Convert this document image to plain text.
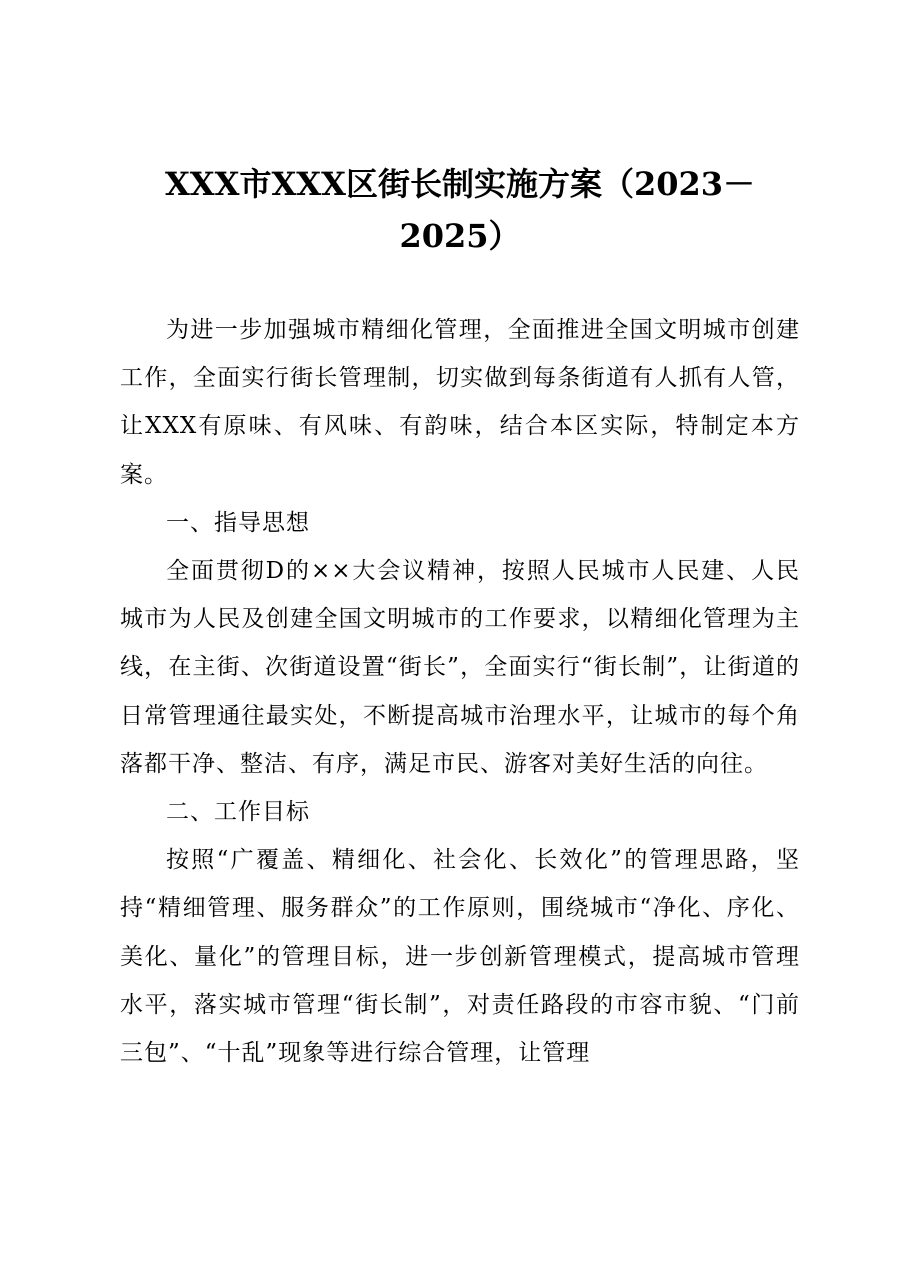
XXX市XXX区街长制实施方案（2023－2025）

为进一步加强城市精细化管理，全面推进全国文明城市创建工作，全面实行街长管理制，切实做到每条街道有人抓有人管，让XXX有原味、有风味、有韵味，结合本区实际，特制定本方案。

一、指导思想

全面贯彻D的××大会议精神，按照人民城市人民建、人民城市为人民及创建全国文明城市的工作要求，以精细化管理为主线，在主街、次街道设置“街长”，全面实行“街长制”，让街道的日常管理通往最实处，不断提高城市治理水平，让城市的每个角落都干净、整洁、有序，满足市民、游客对美好生活的向往。

二、工作目标

按照“广覆盖、精细化、社会化、长效化”的管理思路，坚持“精细管理、服务群众”的工作原则，围绕城市“净化、序化、美化、量化”的管理目标，进一步创新管理模式，提高城市管理水平，落实城市管理“街长制”，对责任路段的市容市貌、“门前三包”、“十乱”现象等进行综合管理，让管理
